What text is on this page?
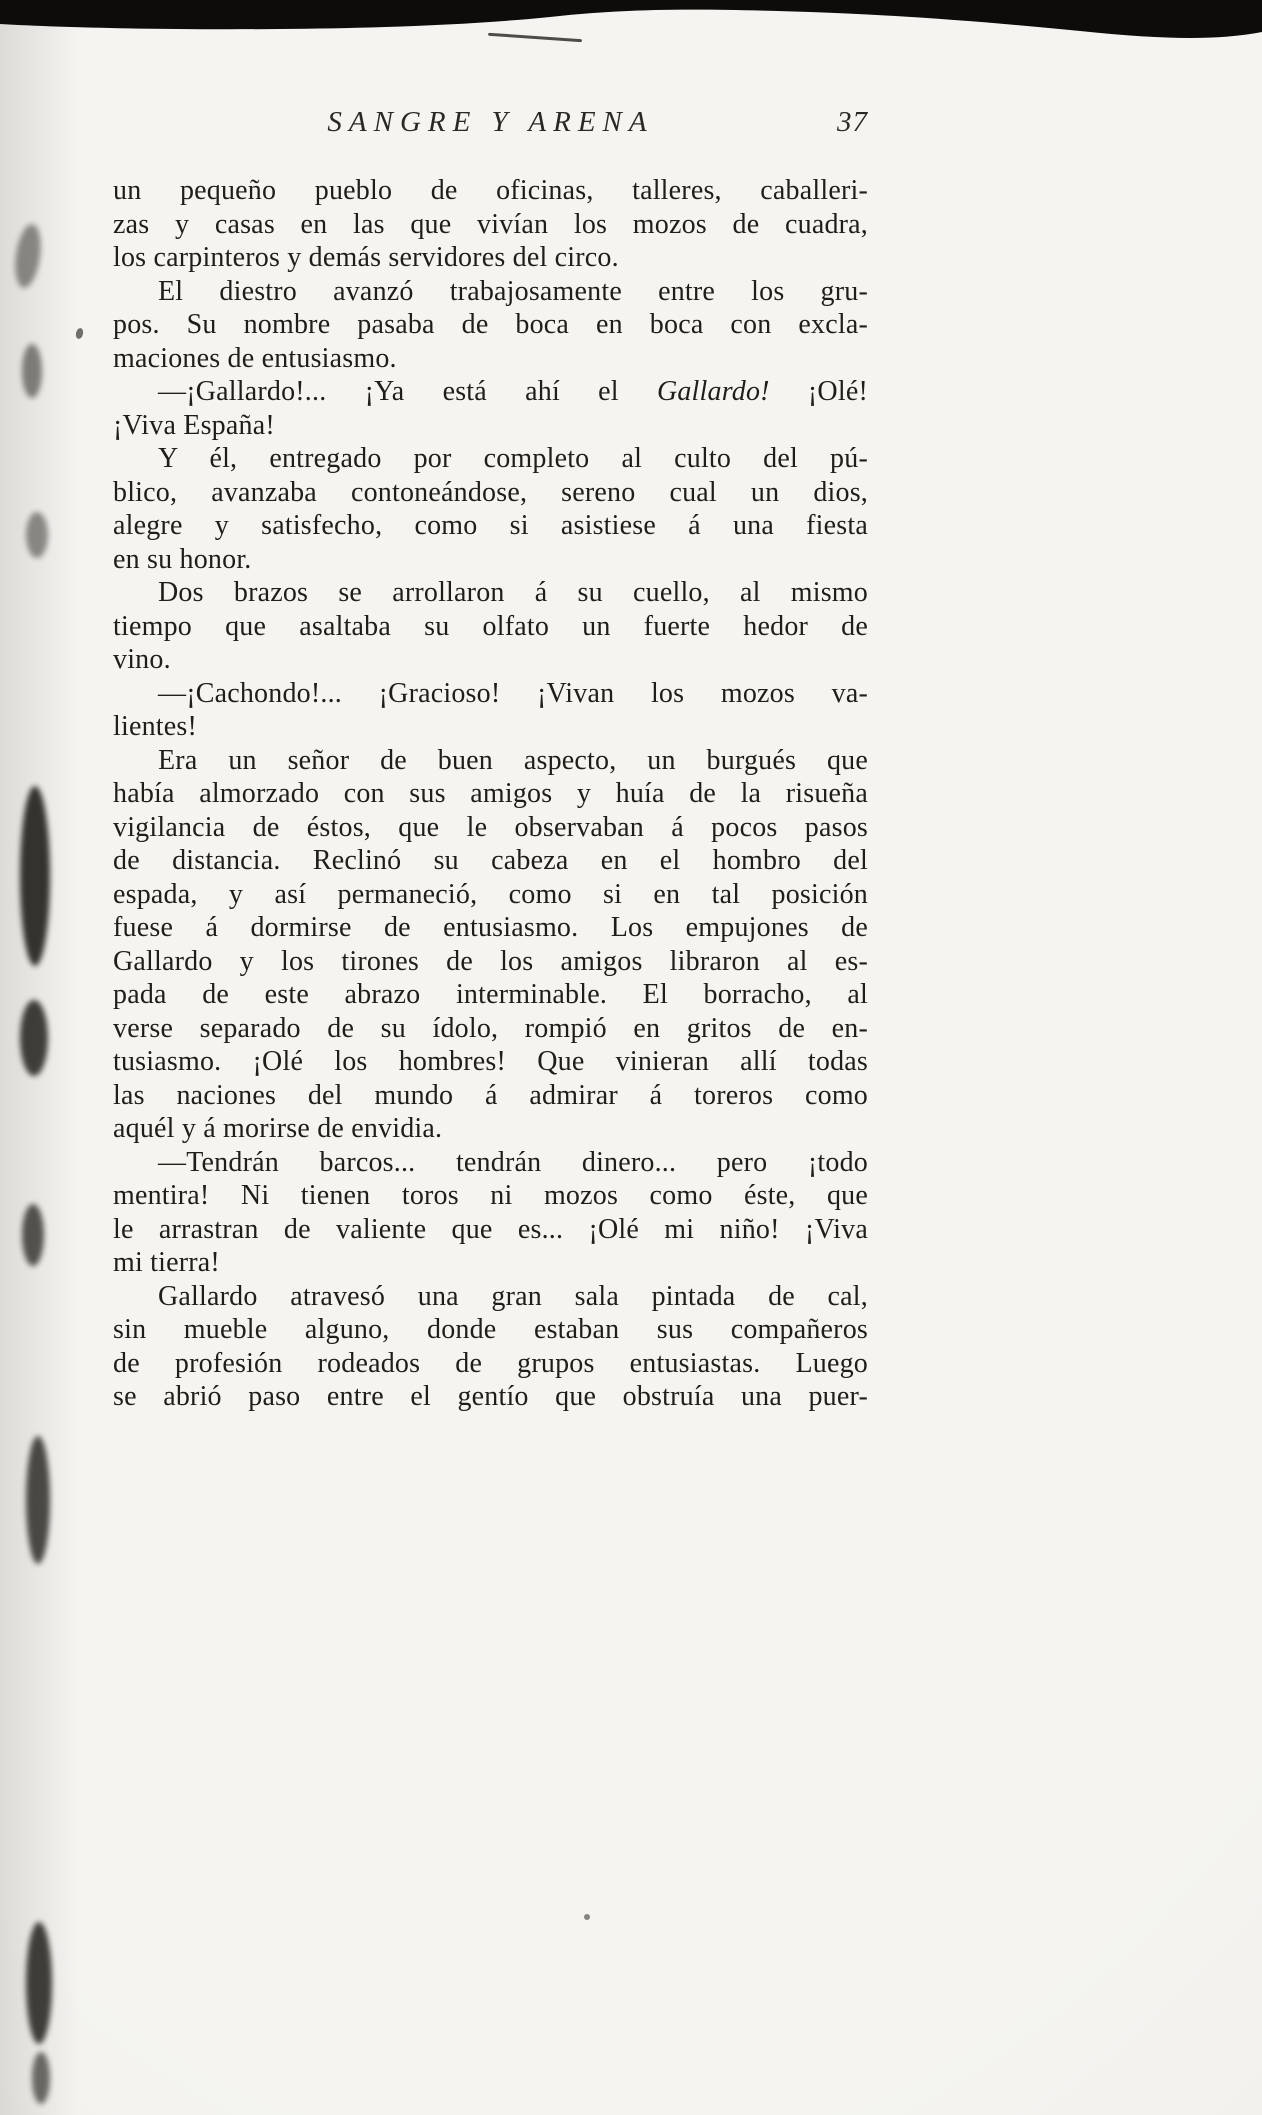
SANGRE Y ARENA	37
un pequeño pueblo de oficinas, talleres, caballeri-
zas y casas en las que vivían los mozos de cuadra,
los carpinteros y demás servidores del circo.
El diestro avanzó trabajosamente entre los gru-
pos. Su nombre pasaba de boca en boca con excla-
maciones de entusiasmo.
—¡Gallardo!... ¡Ya está ahí el Gallardo! ¡Olé!
¡Viva España!
Y él, entregado por completo al culto del pú-
blico, avanzaba contoneándose, sereno cual un dios,
alegre y satisfecho, como si asistiese á una fiesta
en su honor.
Dos brazos se arrollaron á su cuello, al mismo
tiempo que asaltaba su olfato un fuerte hedor de
vino.
—¡Cachondo!... ¡Gracioso! ¡Vivan los mozos va-
lientes!
Era un señor de buen aspecto, un burgués que
había almorzado con sus amigos y huía de la risueña
vigilancia de éstos, que le observaban á pocos pasos
de distancia. Reclinó su cabeza en el hombro del
espada, y así permaneció, como si en tal posición
fuese á dormirse de entusiasmo. Los empujones de
Gallardo y los tirones de los amigos libraron al es-
pada de este abrazo interminable. El borracho, al
verse separado de su ídolo, rompió en gritos de en-
tusiasmo. ¡Olé los hombres! Que vinieran allí todas
las naciones del mundo á admirar á toreros como
aquél y á morirse de envidia.
—Tendrán barcos... tendrán dinero... pero ¡todo
mentira! Ni tienen toros ni mozos como éste, que
le arrastran de valiente que es... ¡Olé mi niño! ¡Viva
mi tierra!
Gallardo atravesó una gran sala pintada de cal,
sin mueble alguno, donde estaban sus compañeros
de profesión rodeados de grupos entusiastas. Luego
se abrió paso entre el gentío que obstruía una puer-
